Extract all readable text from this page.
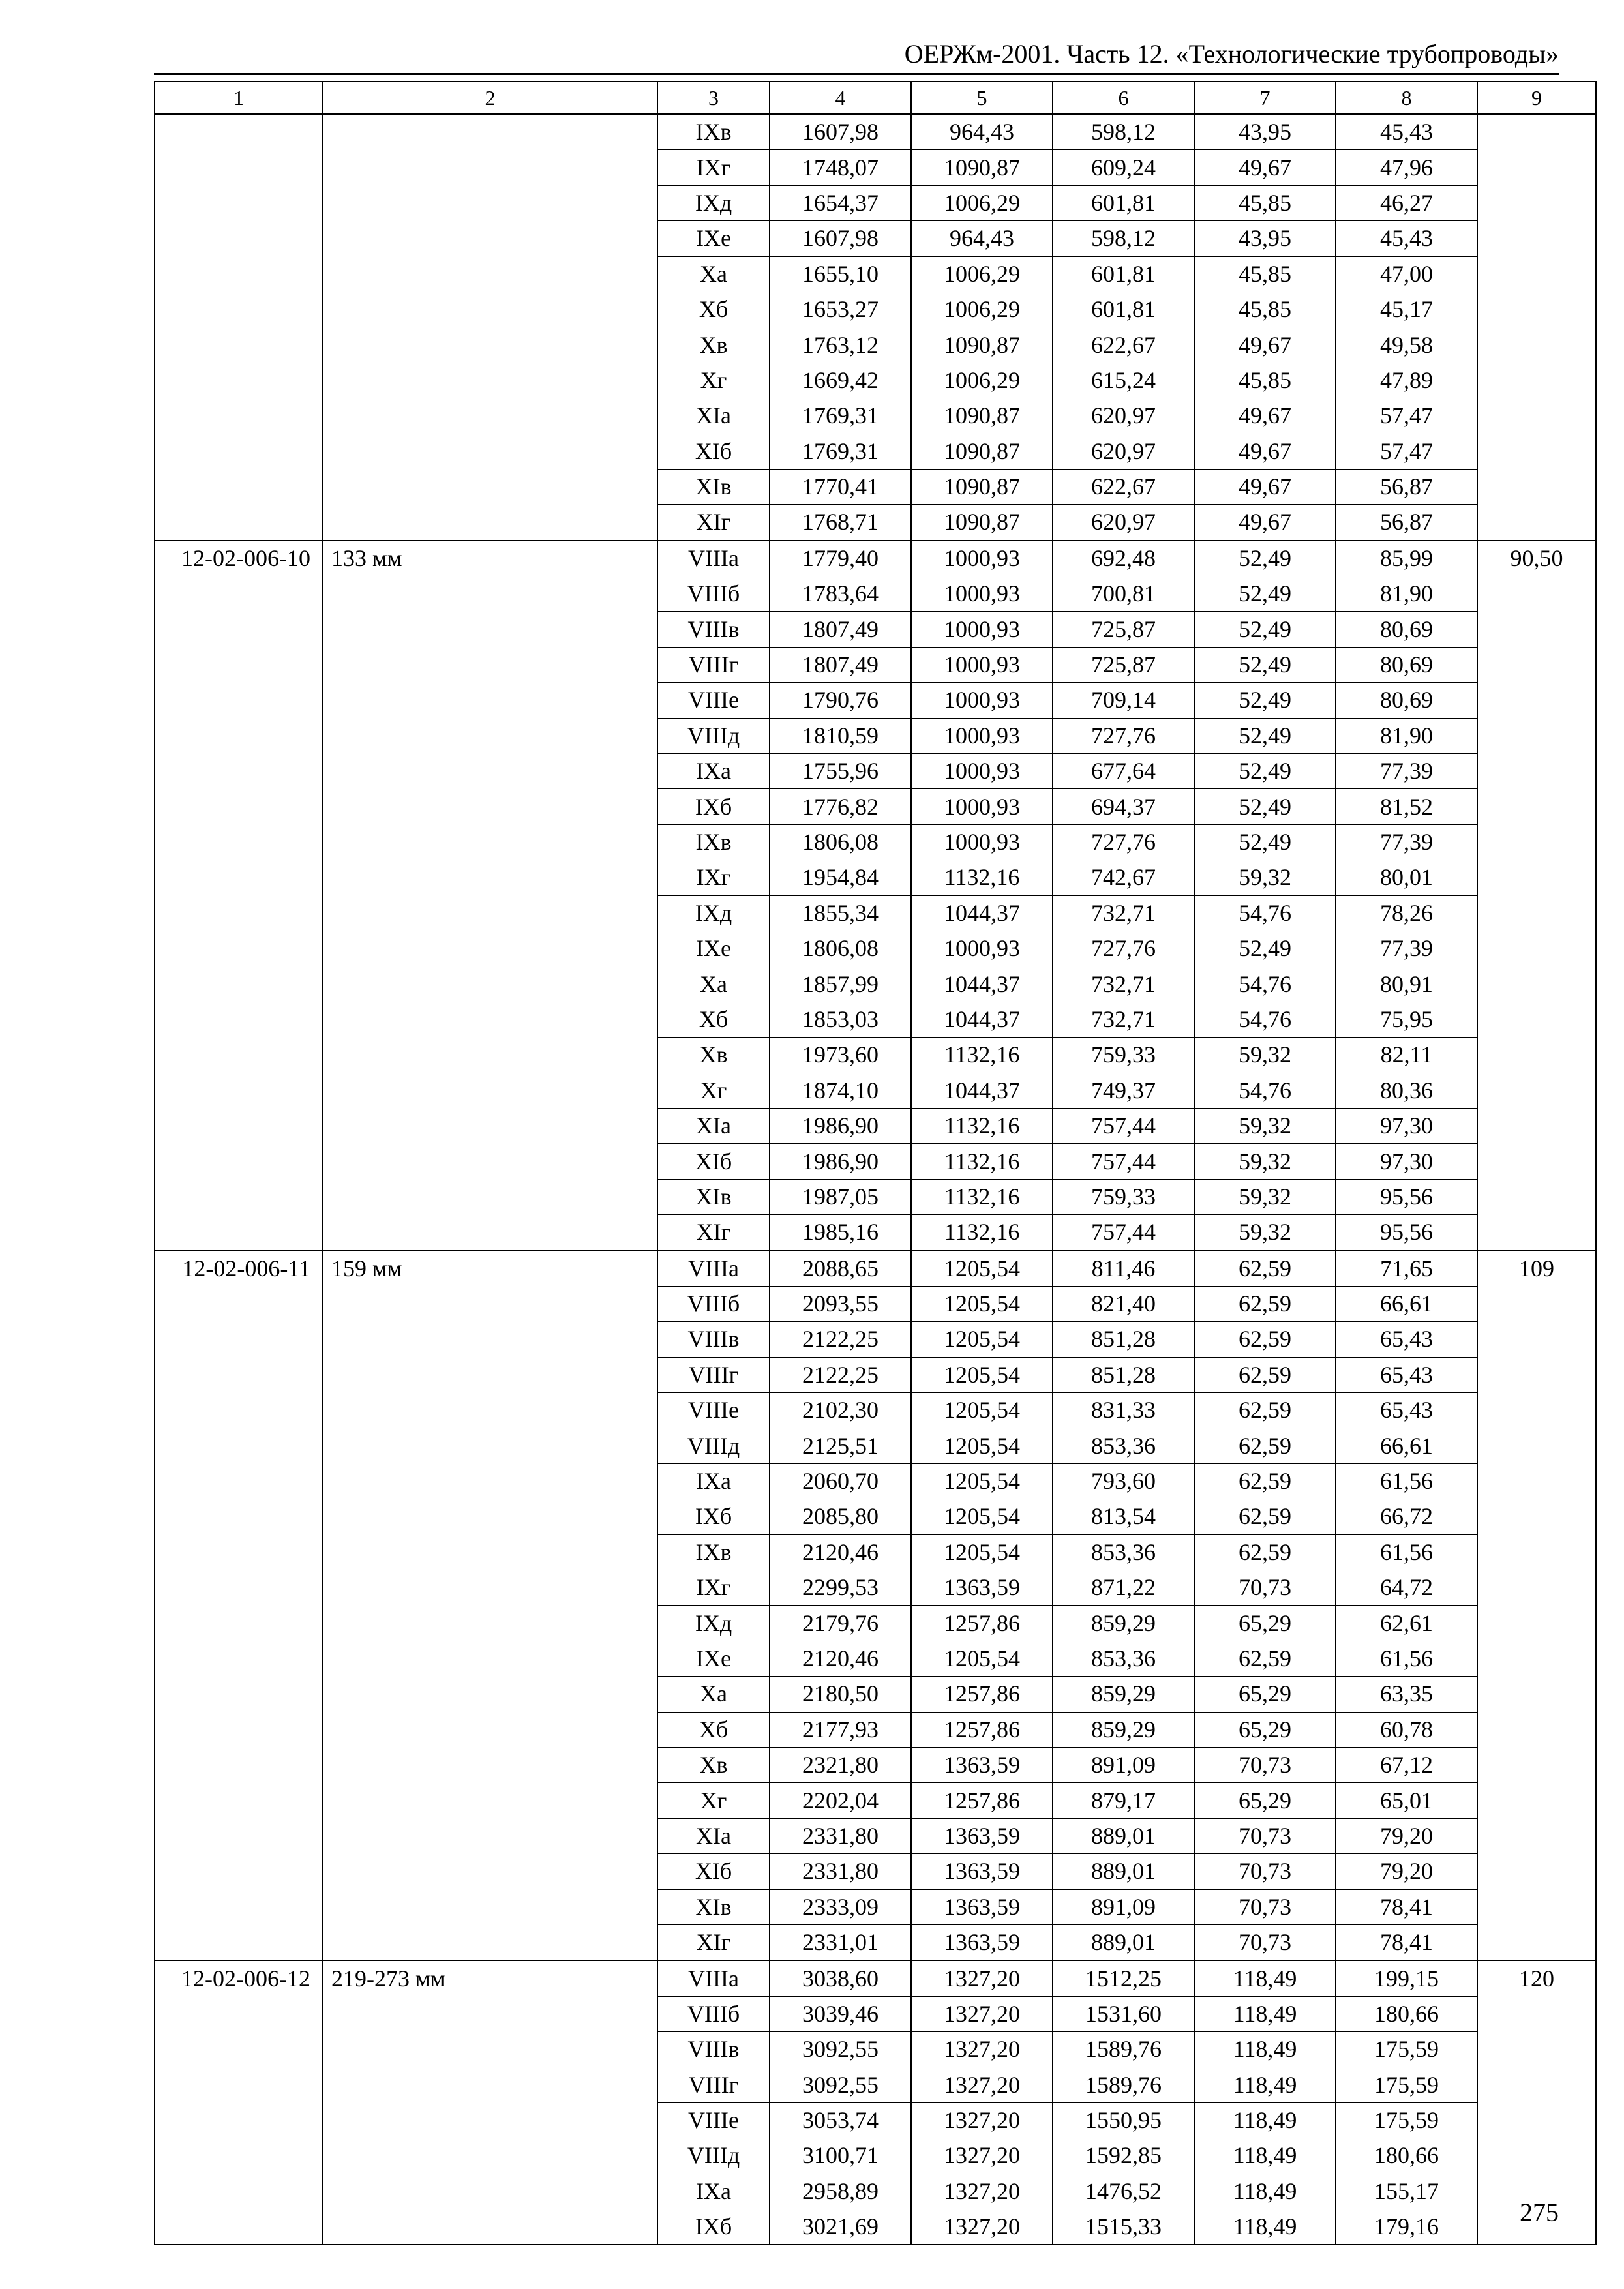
ОЕРЖм-2001. Часть 12. «Технологические трубопроводы»
1	2	3	4	5	6	7	8	9
		IXв	1607,98	964,43	598,12	43,95	45,43	
		IXг	1748,07	1090,87	609,24	49,67	47,96	
		IXд	1654,37	1006,29	601,81	45,85	46,27	
		IXе	1607,98	964,43	598,12	43,95	45,43	
		Xа	1655,10	1006,29	601,81	45,85	47,00	
		Xб	1653,27	1006,29	601,81	45,85	45,17	
		Xв	1763,12	1090,87	622,67	49,67	49,58	
		Xг	1669,42	1006,29	615,24	45,85	47,89	
		XIа	1769,31	1090,87	620,97	49,67	57,47	
		XIб	1769,31	1090,87	620,97	49,67	57,47	
		XIв	1770,41	1090,87	622,67	49,67	56,87	
		XIг	1768,71	1090,87	620,97	49,67	56,87	
12-02-006-10	133 мм	VIIIа	1779,40	1000,93	692,48	52,49	85,99	90,50
		VIIIб	1783,64	1000,93	700,81	52,49	81,90	
		VIIIв	1807,49	1000,93	725,87	52,49	80,69	
		VIIIг	1807,49	1000,93	725,87	52,49	80,69	
		VIIIе	1790,76	1000,93	709,14	52,49	80,69	
		VIIIд	1810,59	1000,93	727,76	52,49	81,90	
		IXа	1755,96	1000,93	677,64	52,49	77,39	
		IXб	1776,82	1000,93	694,37	52,49	81,52	
		IXв	1806,08	1000,93	727,76	52,49	77,39	
		IXг	1954,84	1132,16	742,67	59,32	80,01	
		IXд	1855,34	1044,37	732,71	54,76	78,26	
		IXе	1806,08	1000,93	727,76	52,49	77,39	
		Xа	1857,99	1044,37	732,71	54,76	80,91	
		Xб	1853,03	1044,37	732,71	54,76	75,95	
		Xв	1973,60	1132,16	759,33	59,32	82,11	
		Xг	1874,10	1044,37	749,37	54,76	80,36	
		XIа	1986,90	1132,16	757,44	59,32	97,30	
		XIб	1986,90	1132,16	757,44	59,32	97,30	
		XIв	1987,05	1132,16	759,33	59,32	95,56	
		XIг	1985,16	1132,16	757,44	59,32	95,56	
12-02-006-11	159 мм	VIIIа	2088,65	1205,54	811,46	62,59	71,65	109
		VIIIб	2093,55	1205,54	821,40	62,59	66,61	
		VIIIв	2122,25	1205,54	851,28	62,59	65,43	
		VIIIг	2122,25	1205,54	851,28	62,59	65,43	
		VIIIе	2102,30	1205,54	831,33	62,59	65,43	
		VIIIд	2125,51	1205,54	853,36	62,59	66,61	
		IXа	2060,70	1205,54	793,60	62,59	61,56	
		IXб	2085,80	1205,54	813,54	62,59	66,72	
		IXв	2120,46	1205,54	853,36	62,59	61,56	
		IXг	2299,53	1363,59	871,22	70,73	64,72	
		IXд	2179,76	1257,86	859,29	65,29	62,61	
		IXе	2120,46	1205,54	853,36	62,59	61,56	
		Xа	2180,50	1257,86	859,29	65,29	63,35	
		Xб	2177,93	1257,86	859,29	65,29	60,78	
		Xв	2321,80	1363,59	891,09	70,73	67,12	
		Xг	2202,04	1257,86	879,17	65,29	65,01	
		XIа	2331,80	1363,59	889,01	70,73	79,20	
		XIб	2331,80	1363,59	889,01	70,73	79,20	
		XIв	2333,09	1363,59	891,09	70,73	78,41	
		XIг	2331,01	1363,59	889,01	70,73	78,41	
12-02-006-12	219-273 мм	VIIIа	3038,60	1327,20	1512,25	118,49	199,15	120
		VIIIб	3039,46	1327,20	1531,60	118,49	180,66	
		VIIIв	3092,55	1327,20	1589,76	118,49	175,59	
		VIIIг	3092,55	1327,20	1589,76	118,49	175,59	
		VIIIе	3053,74	1327,20	1550,95	118,49	175,59	
		VIIIд	3100,71	1327,20	1592,85	118,49	180,66	
		IXа	2958,89	1327,20	1476,52	118,49	155,17	
		IXб	3021,69	1327,20	1515,33	118,49	179,16		275
